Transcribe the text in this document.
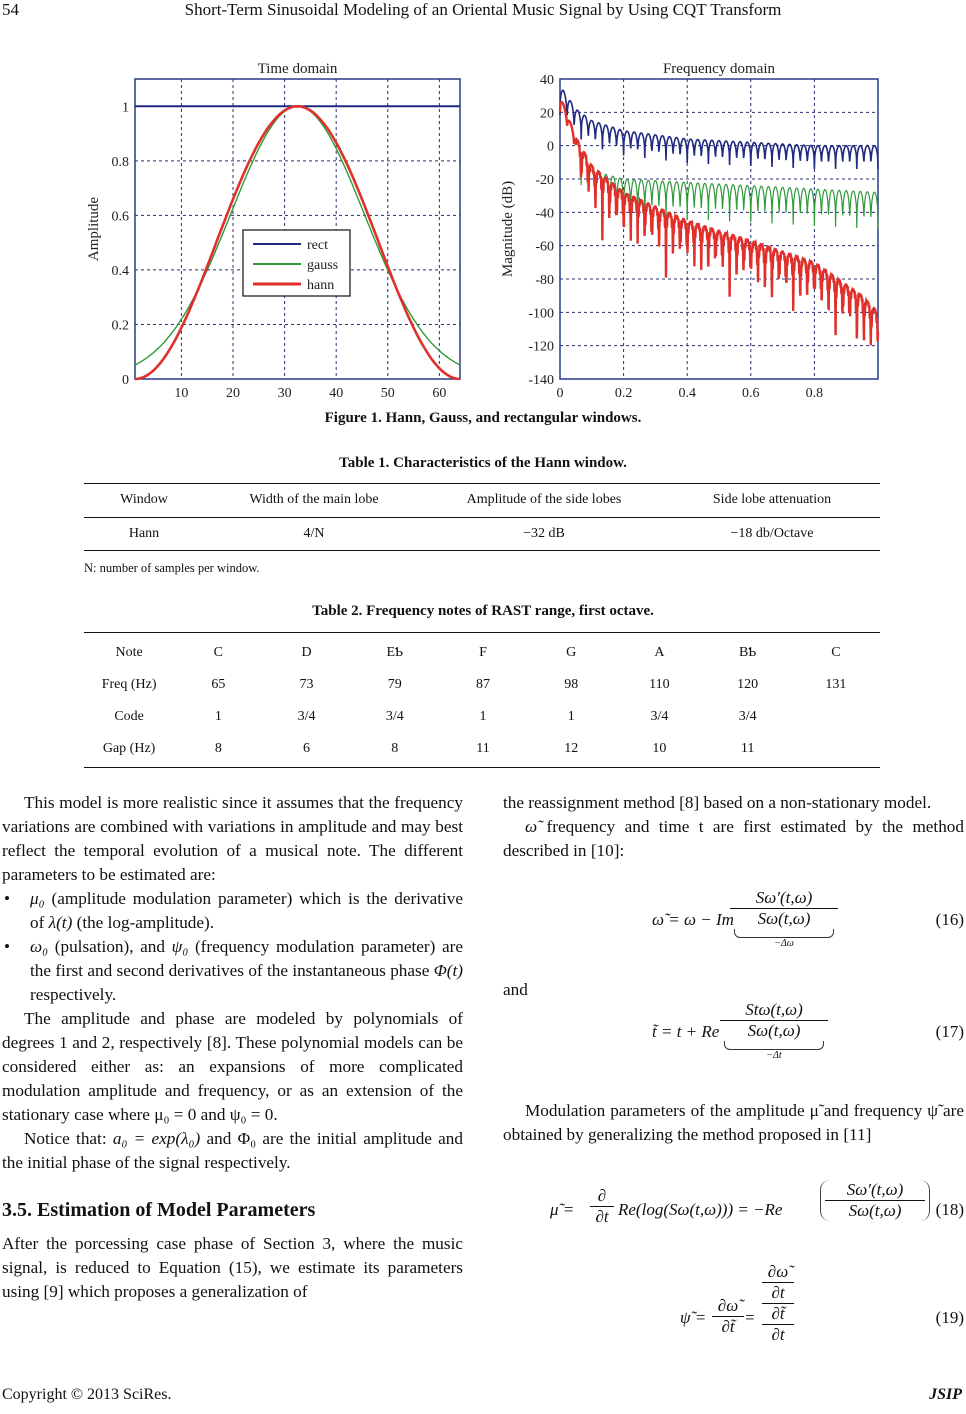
54	Short-Term Sinusoidal Modeling of an Oriental Music Signal by Using CQT Transform
Time domain
10	20	30	40	50	60
0
0.2
0.4
0.6
0.8
1
Amplitude	rect
gauss
hann
Frequency domain
0	0.2	0.4	0.6	0.8
-140
-120
-100
-80
-60
-40
-20
0
20
40
Magnitude (dB)
Figure 1. Hann, Gauss, and rectangular windows.
Table 1. Characteristics of the Hann window.
Window	Width of the main lobe	Amplitude of the side lobes	Side lobe attenuation
Hann	4/N	−32 dB	−18 db/Octave
N: number of samples per window.
Table 2. Frequency notes of RAST range, first octave.
Note	C	D	EƄ	F	G	A	BƄ	C
Freq (Hz)	65	73	79	87	98	110	120	131
Code	1	3/4	3/4	1	1	3/4	3/4	
Gap (Hz)	8	6	8	11	12	10	11	

This model is more realistic since it assumes that the frequency variations are combined with variations in amplitude and may best reflect the temporal evolution of a musical note. The different parameters to be estimated are:

• μ₀ (amplitude modulation parameter) which is the derivative of λ(t) (the log-amplitude).
• ω₀ (pulsation), and ψ₀ (frequency modulation parameter) are the first and second derivatives of the instantaneous phase Φ(t) respectively.

The amplitude and phase are modeled by polynomials of degrees 1 and 2, respectively [8]. These polynomial models can be considered either as: an expansions of more complicated modulation amplitude and frequency, or as an extension of the stationary case where μ₀ = 0 and ψ₀ = 0.

Notice that: a₀ = exp(λ₀) and Φ₀ are the initial amplitude and the initial phase of the signal respectively.

3.5. Estimation of Model Parameters

After the porcessing case phase of Section 3, where the music signal, is reduced to Equation (15), we estimate its parameters using [9] which proposes a generalization of

the reassignment method [8] based on a non-stationary model.

ω̃ frequency and time t are first estimated by the method described in [10]:

ω̃ = ω − Im
Sω′(t,ω)
Sω(t,ω)
−Δω
(16)
and
t̃ = t + Re
Stω(t,ω)
Sω(t,ω)
−Δt
(17)
Modulation parameters of the amplitude μ̃ and frequency ψ̃ are obtained by generalizing the method proposed in [11]
μ̃ =
∂
∂t $Re(\log(S\omega(t,\omega))) = -Re \frac{S\omega'(t,\omega)}{S\omega(t,\omega)} (18)$
ψ̃ = $\frac{\partial\omegã}{\partial t̃}$ =
∂ω̃
∂t
∂t̃
∂t
(19)
Copyright © 2013 SciRes.	JSIP
